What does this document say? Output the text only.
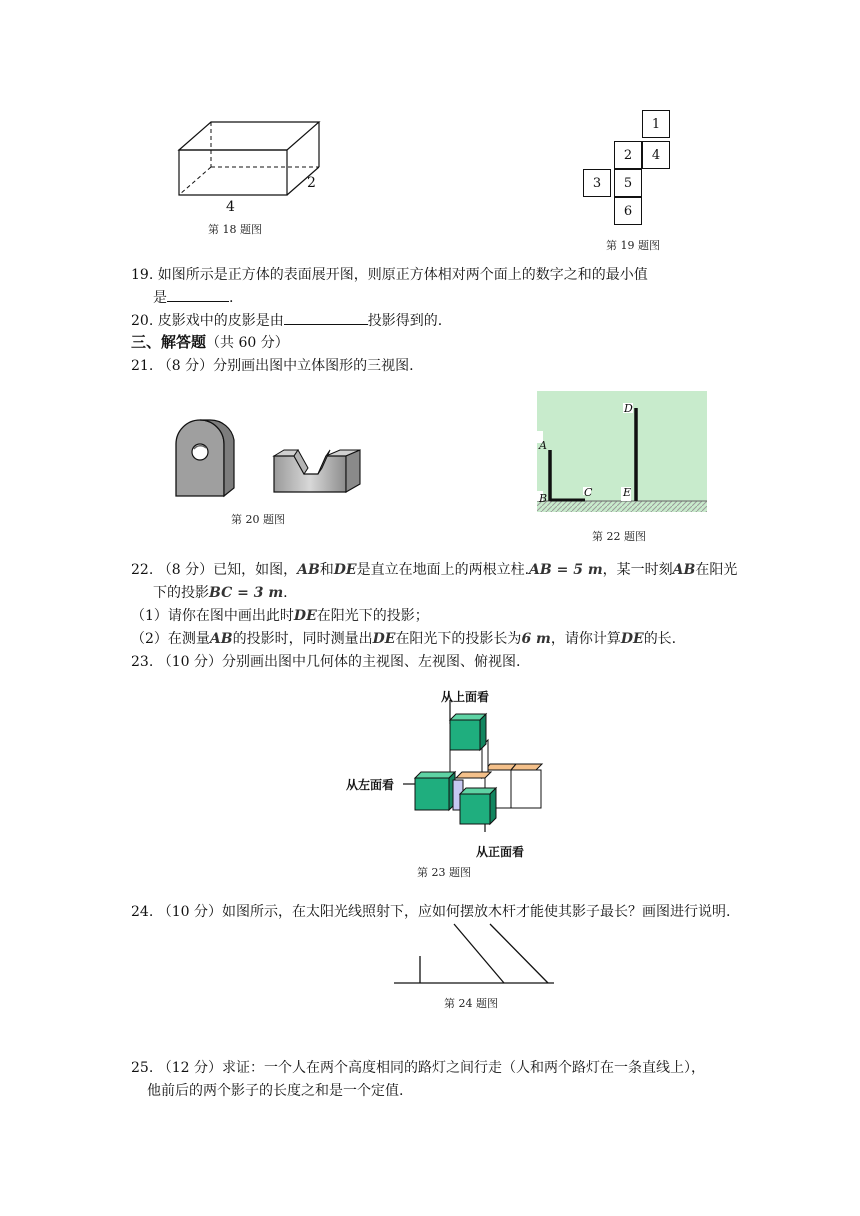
4
2
第 18 题图
1
2	4
3	5
6
第 19 题图
19. 如图所示是正方体的表面展开图，则原正方体相对两个面上的数字之和的最小值
是	.
20. 皮影戏中的皮影是由	投影得到的.
三、解答题（共 60 分）
21. （8 分）分别画出图中立体图形的三视图.
第 20 题图
A
B	C
D
E
第 22 题图
22. （8 分）已知，如图，AB和DE是直立在地面上的两根立柱.AB = 5 m，某一时刻AB在阳光
下的投影BC = 3 m.
（1）请你在图中画出此时DE在阳光下的投影；
（2）在测量AB的投影时，同时测量出DE在阳光下的投影长为6 m，请你计算DE的长.
23. （10 分）分别画出图中几何体的主视图、左视图、俯视图.
从上面看
从左面看
从正面看
第 23 题图
24. （10 分）如图所示，在太阳光线照射下，应如何摆放木杆才能使其影子最长？画图进行说明.
第 24 题图
25. （12 分）求证：一个人在两个高度相同的路灯之间行走（人和两个路灯在一条直线上），
他前后的两个影子的长度之和是一个定值.
